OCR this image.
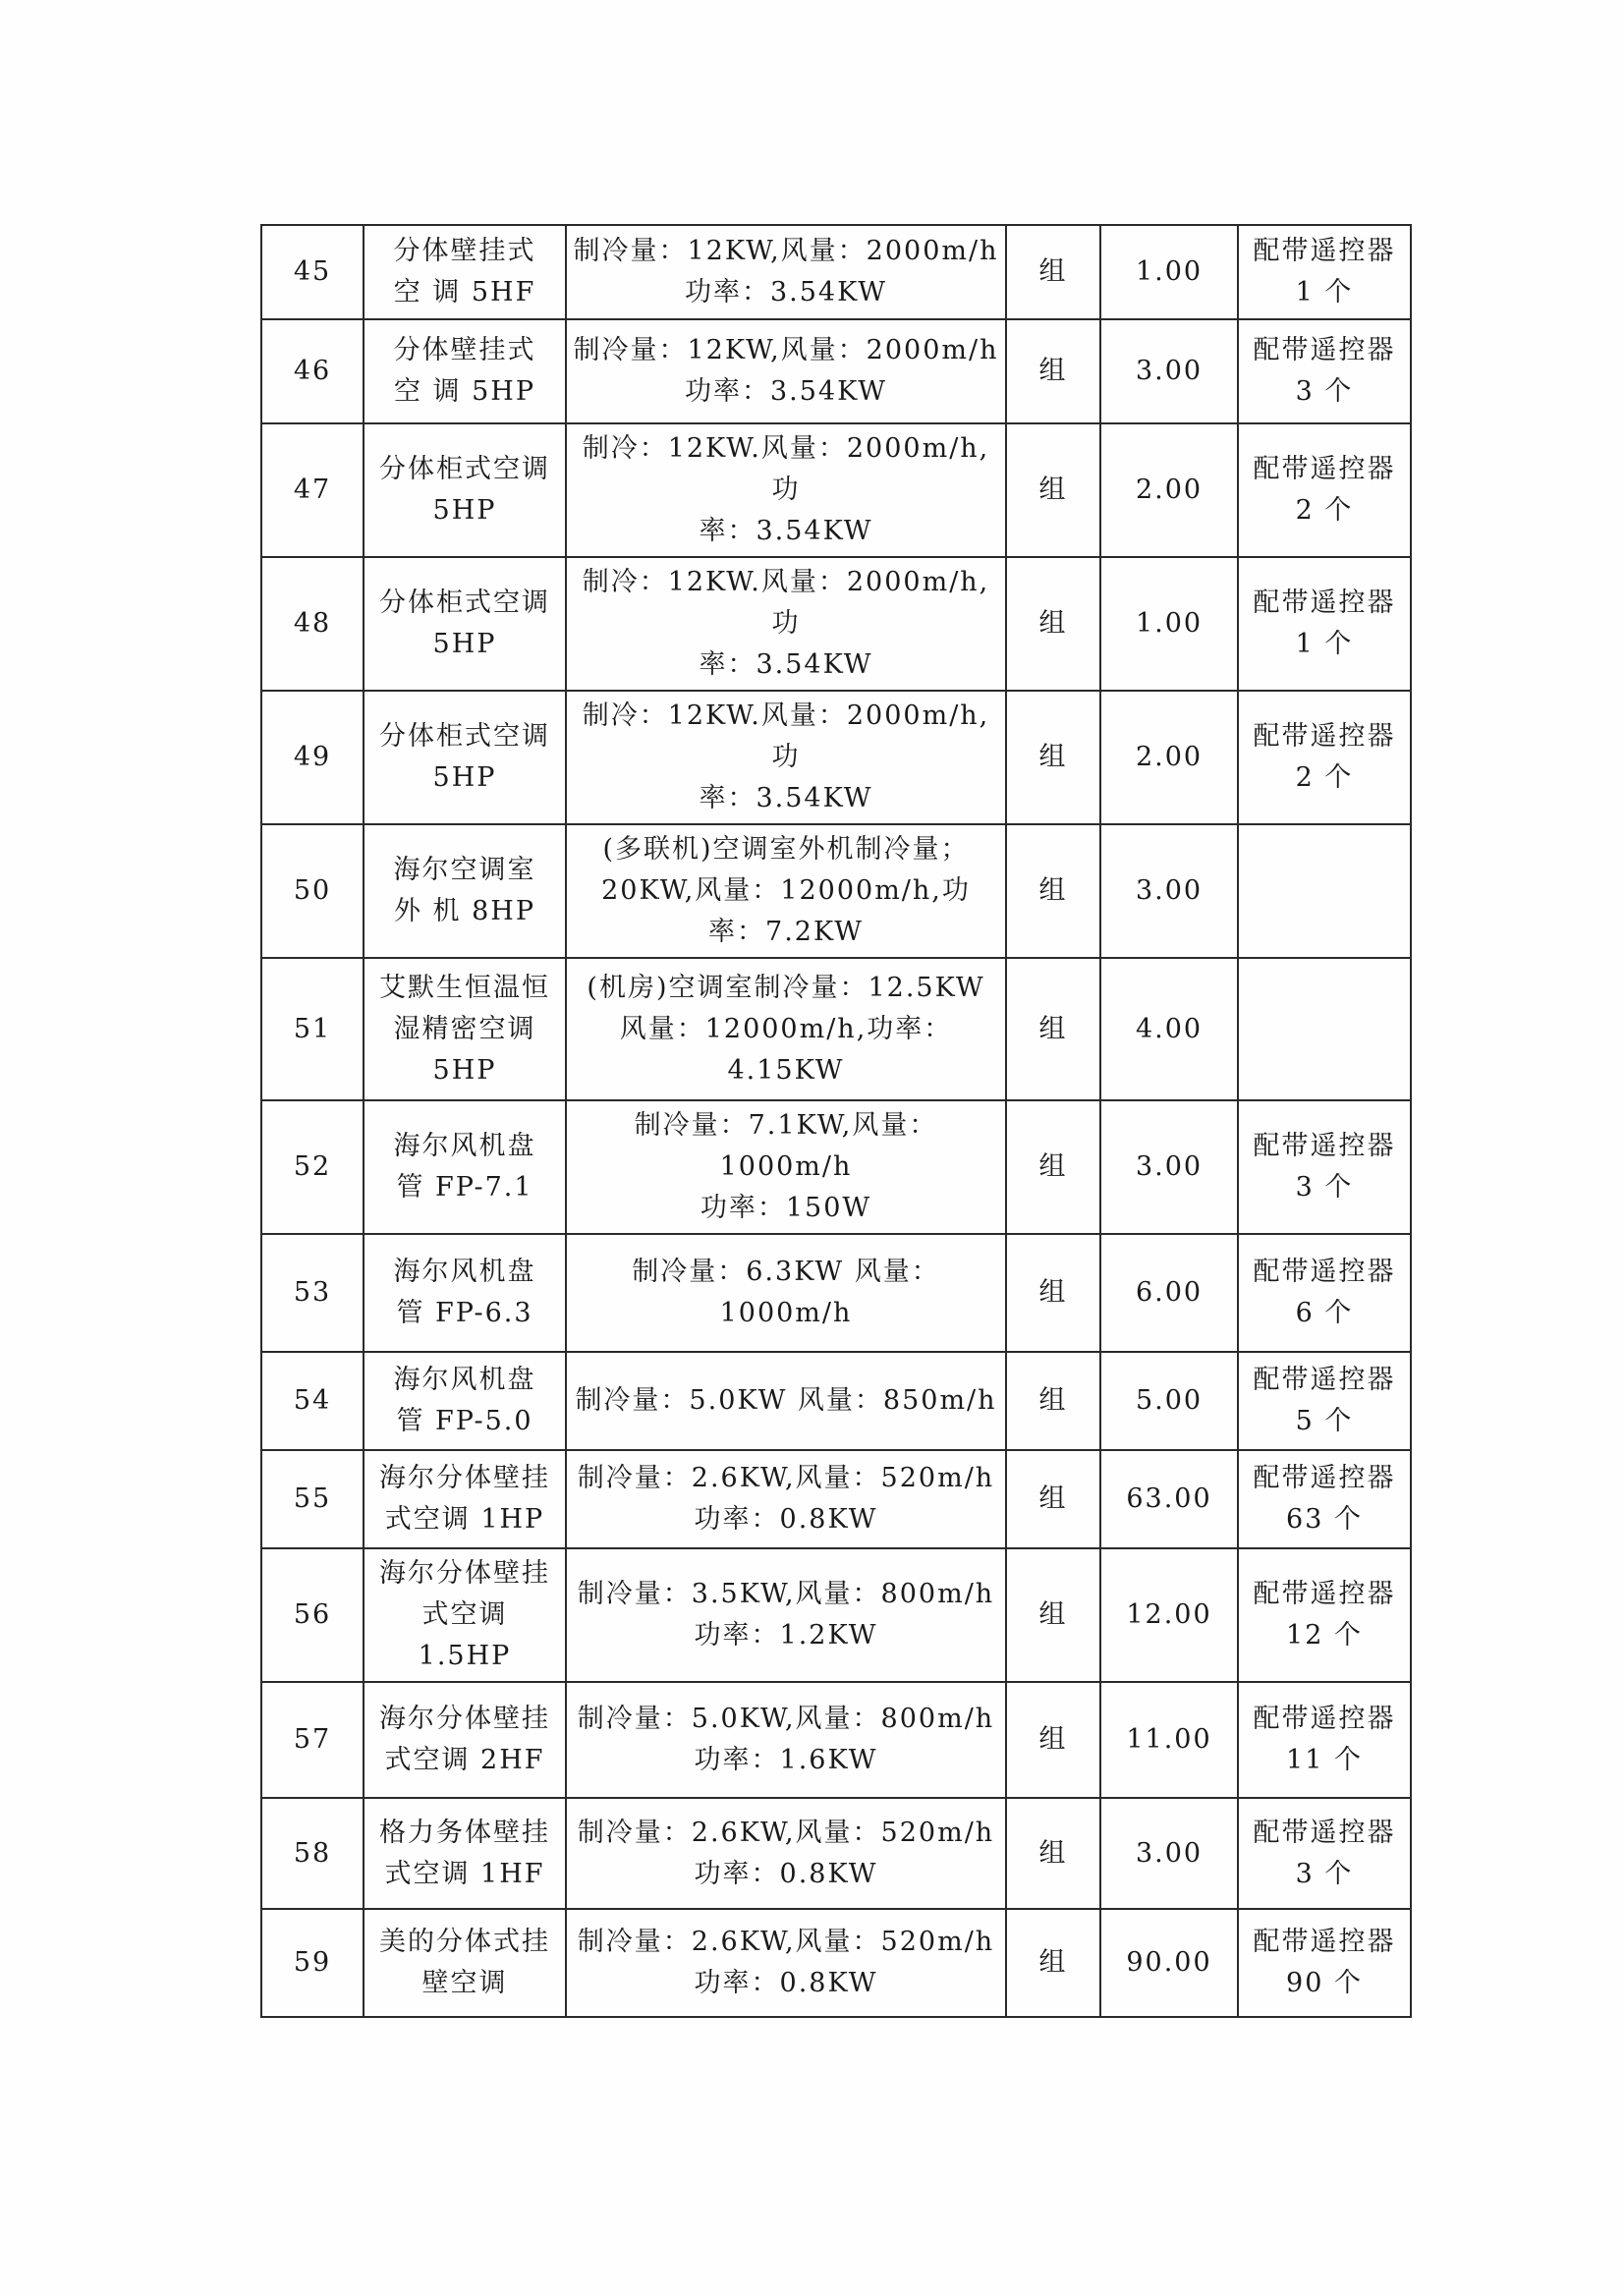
45	分体壁挂式
空 调 5HF	制冷量：12KW,风量：2000m/h
功率：3.54KW	组	1.00	配带遥控器
1 个
46	分体壁挂式
空 调 5HP	制冷量：12KW,风量：2000m/h
功率：3.54KW	组	3.00	配带遥控器
3 个
47	分体柜式空调
5HP	制冷：12KW.风量：2000m/h,功
率：3.54KW	组	2.00	配带遥控器
2 个
48	分体柜式空调
5HP	制冷：12KW.风量：2000m/h,功
率：3.54KW	组	1.00	配带遥控器
1 个
49	分体柜式空调
5HP	制冷：12KW.风量：2000m/h,功
率：3.54KW	组	2.00	配带遥控器
2 个
50	海尔空调室
外 机 8HP	(多联机)空调室外机制冷量；
20KW,风量：12000m/h,功
率：7.2KW	组	3.00	
51	艾默生恒温恒
湿精密空调
5HP	(机房)空调室制冷量：12.5KW
风量：12000m/h,功率：4.15KW	组	4.00	
52	海尔风机盘
管 FP-7.1	制冷量：7.1KW,风量：1000m/h
功率：150W	组	3.00	配带遥控器
3 个
53	海尔风机盘
管 FP-6.3	制冷量：6.3KW 风量：1000m/h	组	6.00	配带遥控器
6 个
54	海尔风机盘
管 FP-5.0	制冷量：5.0KW 风量：850m/h	组	5.00	配带遥控器
5 个
55	海尔分体壁挂
式空调 1HP	制冷量：2.6KW,风量：520m/h
功率：0.8KW	组	63.00	配带遥控器
63 个
56	海尔分体壁挂
式空调 1.5HP	制冷量：3.5KW,风量：800m/h
功率：1.2KW	组	12.00	配带遥控器
12 个
57	海尔分体壁挂
式空调 2HF	制冷量：5.0KW,风量：800m/h
功率：1.6KW	组	11.00	配带遥控器
11 个
58	格力务体壁挂
式空调 1HF	制冷量：2.6KW,风量：520m/h
功率：0.8KW	组	3.00	配带遥控器
3 个
59	美的分体式挂
壁空调	制冷量：2.6KW,风量：520m/h
功率：0.8KW	组	90.00	配带遥控器
90 个
